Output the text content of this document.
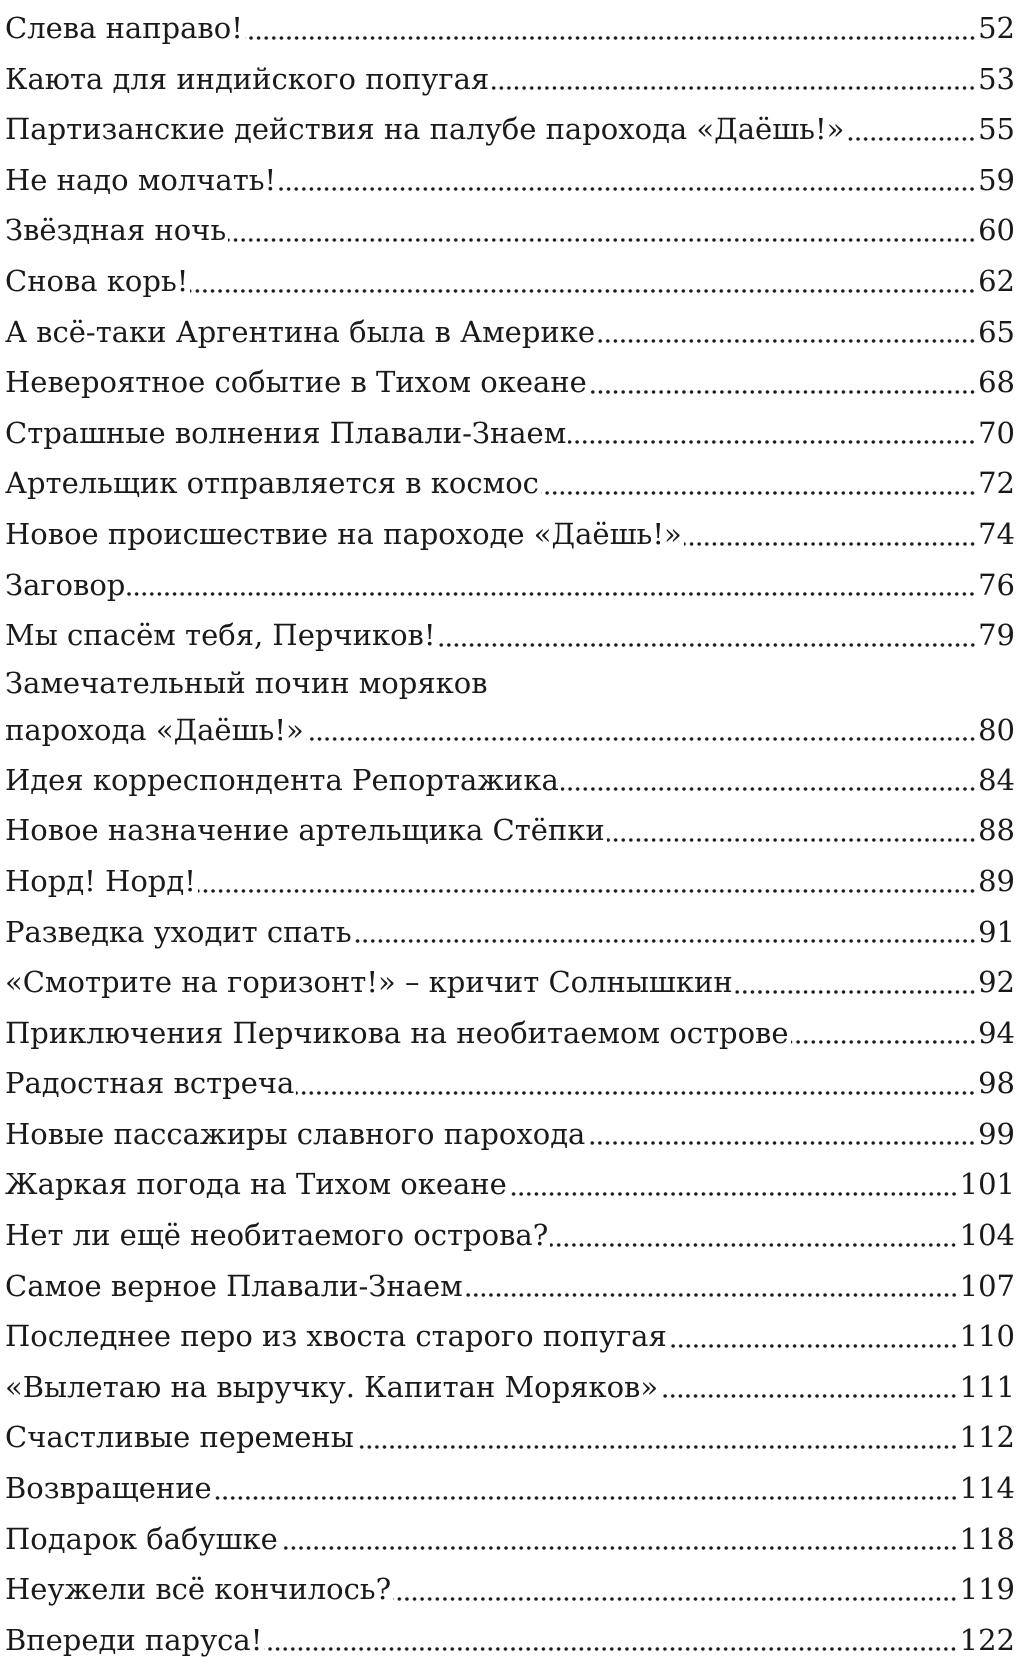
Слева направо!	52
Каюта для индийского попугая	53
Партизанские действия на палубе парохода «Даёшь!»	55
Не надо молчать!	59
Звёздная ночь	60
Снова корь!	62
А всё-таки Аргентина была в Америке	65
Невероятное событие в Тихом океане	68
Страшные волнения Плавали-Знаем	70
Артельщик отправляется в космос	72
Новое происшествие на пароходе «Даёшь!»	74
Заговор	76
Мы спасём тебя, Перчиков!	79
Замечательный почин моряков
парохода «Даёшь!»	80
Идея корреспондента Репортажика	84
Новое назначение артельщика Стёпки	88
Норд! Норд!	89
Разведка уходит спать	91
«Смотрите на горизонт!» – кричит Солнышкин	92
Приключения Перчикова на необитаемом острове	94
Радостная встреча	98
Новые пассажиры славного парохода	99
Жаркая погода на Тихом океане	101
Нет ли ещё необитаемого острова?	104
Самое верное Плавали-Знаем	107
Последнее перо из хвоста старого попугая	110
«Вылетаю на выручку. Капитан Моряков»	111
Счастливые перемены	112
Возвращение	114
Подарок бабушке	118
Неужели всё кончилось?	119
Впереди паруса!	122
